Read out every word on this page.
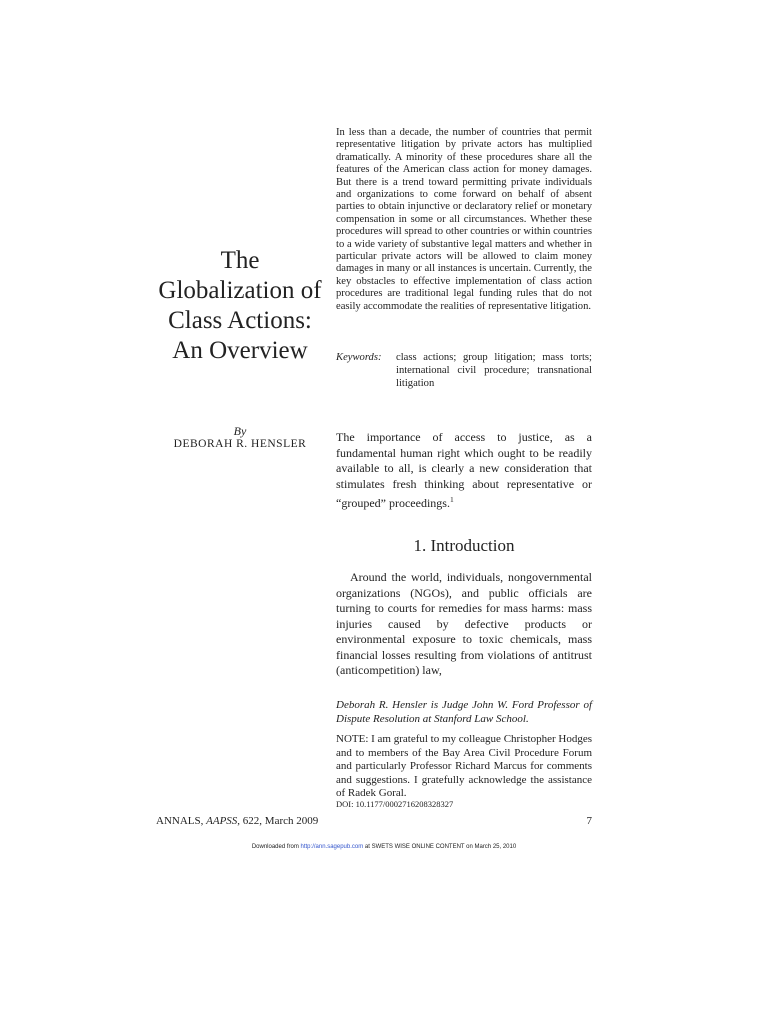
The
Globalization of
Class Actions:
An Overview
By
DEBORAH R. HENSLER
In less than a decade, the number of countries that permit representative litigation by private actors has multiplied dramatically. A minority of these procedures share all the features of the American class action for money damages. But there is a trend toward permitting private individuals and organizations to come forward on behalf of absent parties to obtain injunctive or declaratory relief or monetary compensation in some or all circumstances. Whether these procedures will spread to other countries or within countries to a wide variety of substantive legal matters and whether in particular private actors will be allowed to claim money damages in many or all instances is uncertain. Currently, the key obstacles to effective implementation of class action procedures are traditional legal funding rules that do not easily accommodate the realities of representative litigation.
Keywords: class actions; group litigation; mass torts; international civil procedure; transnational litigation
The importance of access to justice, as a fundamental human right which ought to be readily available to all, is clearly a new consideration that stimulates fresh thinking about representative or “grouped” proceedings.$^1$
1. Introduction
Around the world, individuals, nongovernmental organizations (NGOs), and public officials are turning to courts for remedies for mass harms: mass injuries caused by defective products or environmental exposure to toxic chemicals, mass financial losses resulting from violations of antitrust (anticompetition) law,
Deborah R. Hensler is Judge John W. Ford Professor of Dispute Resolution at Stanford Law School.
NOTE: I am grateful to my colleague Christopher Hodges and to members of the Bay Area Civil Procedure Forum and particularly Professor Richard Marcus for comments and suggestions. I gratefully acknowledge the assistance of Radek Goral.
DOI: 10.1177/0002716208328327
ANNALS, AAPSS, 622, March 2009	7
Downloaded from http://ann.sagepub.com at SWETS WISE ONLINE CONTENT on March 25, 2010
